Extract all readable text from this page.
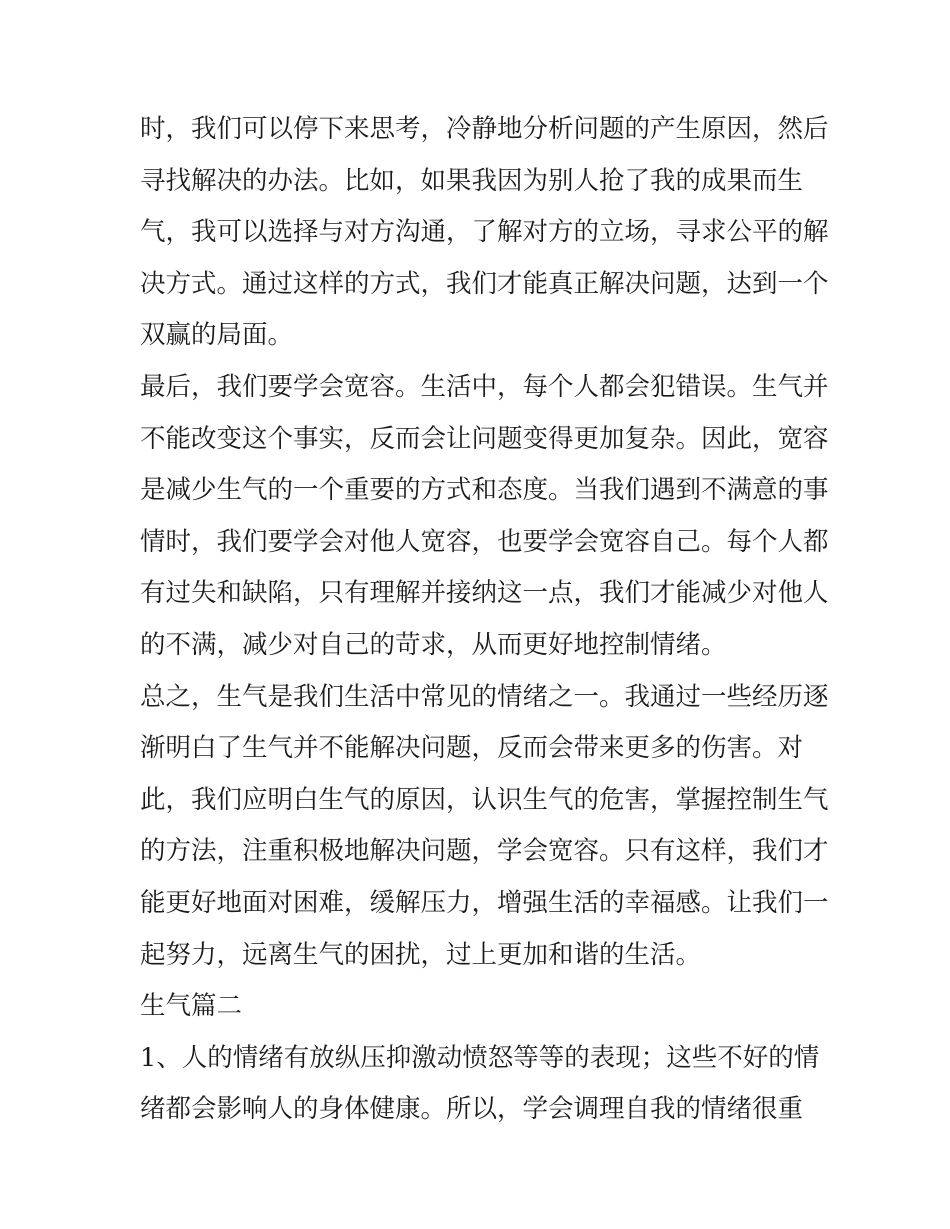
时，我们可以停下来思考，冷静地分析问题的产生原因，然后
寻找解决的办法。比如，如果我因为别人抢了我的成果而生
气，我可以选择与对方沟通，了解对方的立场，寻求公平的解
决方式。通过这样的方式，我们才能真正解决问题，达到一个
双赢的局面。
最后，我们要学会宽容。生活中，每个人都会犯错误。生气并
不能改变这个事实，反而会让问题变得更加复杂。因此，宽容
是减少生气的一个重要的方式和态度。当我们遇到不满意的事
情时，我们要学会对他人宽容，也要学会宽容自己。每个人都
有过失和缺陷，只有理解并接纳这一点，我们才能减少对他人
的不满，减少对自己的苛求，从而更好地控制情绪。
总之，生气是我们生活中常见的情绪之一。我通过一些经历逐
渐明白了生气并不能解决问题，反而会带来更多的伤害。对
此，我们应明白生气的原因，认识生气的危害，掌握控制生气
的方法，注重积极地解决问题，学会宽容。只有这样，我们才
能更好地面对困难，缓解压力，增强生活的幸福感。让我们一
起努力，远离生气的困扰，过上更加和谐的生活。
生气篇二
1、人的情绪有放纵压抑激动愤怒等等的表现；这些不好的情
绪都会影响人的身体健康。所以，学会调理自我的情绪很重
